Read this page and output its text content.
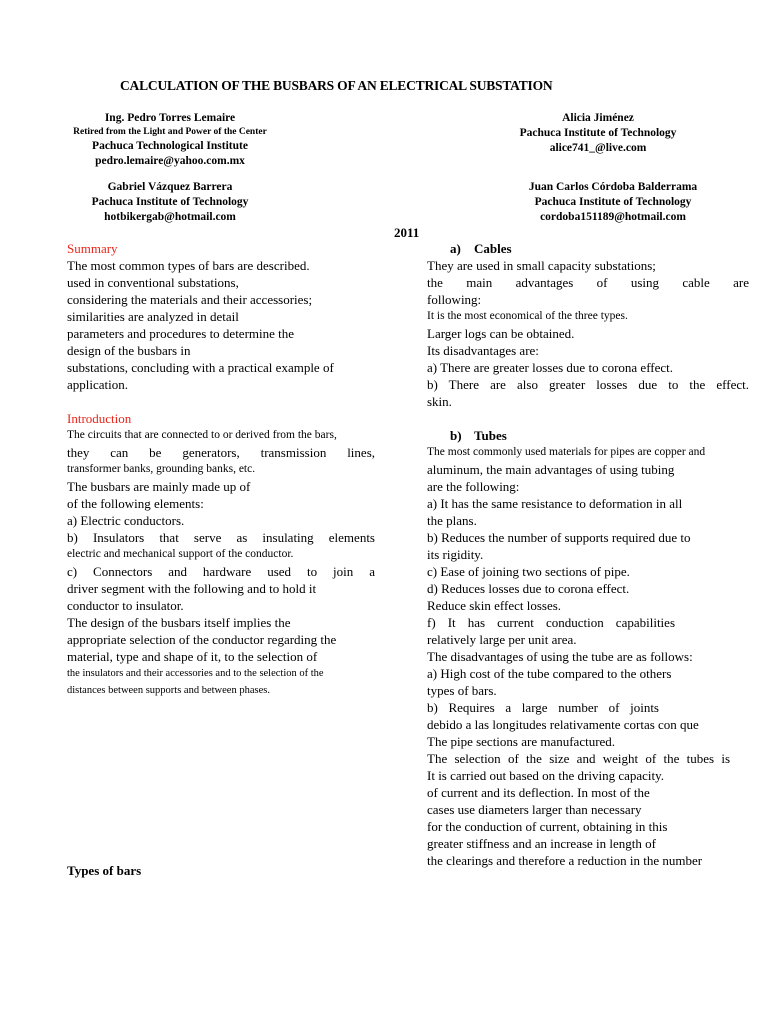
CALCULATION OF THE BUSBARS OF AN ELECTRICAL SUBSTATION
Ing. Pedro Torres Lemaire
Retired from the Light and Power of the Center
Pachuca Technological Institute
pedro.lemaire@yahoo.com.mx
Alicia Jiménez
Pachuca Institute of Technology
alice741_@live.com
Gabriel Vázquez Barrera
Pachuca Institute of Technology
hotbikergab@hotmail.com
Juan Carlos Córdoba Balderrama
Pachuca Institute of Technology
cordoba151189@hotmail.com
2011
Summary
The most common types of bars are described.
used in conventional substations,
considering the materials and their accessories;
similarities are analyzed in detail
parameters and procedures to determine the
design of the busbars in
substations, concluding with a practical example of
application.
Introduction
The circuits that are connected to or derived from the bars,
they can be generators, transmission lines,
transformer banks, grounding banks, etc.
The busbars are mainly made up of
of the following elements:
a) Electric conductors.
b) Insulators that serve as insulating elements
electric and mechanical support of the conductor.
c) Connectors and hardware used to join a
driver segment with the following and to hold it
conductor to insulator.
The design of the busbars itself implies the
appropriate selection of the conductor regarding the
material, type and shape of it, to the selection of
the insulators and their accessories and to the selection of the
distances between supports and between phases.
Types of bars
a) Cables
They are used in small capacity substations;
the main advantages of using cable are
following:
It is the most economical of the three types.
Larger logs can be obtained.
Its disadvantages are:
a) There are greater losses due to corona effect.
b) There are also greater losses due to the effect.
skin.
b) Tubes
The most commonly used materials for pipes are copper and
aluminum, the main advantages of using tubing
are the following:
a) It has the same resistance to deformation in all
the plans.
b) Reduces the number of supports required due to
its rigidity.
c) Ease of joining two sections of pipe.
d) Reduces losses due to corona effect.
Reduce skin effect losses.
f) It has current conduction capabilities
relatively large per unit area.
The disadvantages of using the tube are as follows:
a) High cost of the tube compared to the others
types of bars.
b) Requires a large number of joints
debido a las longitudes relativamente cortas con que
The pipe sections are manufactured.
The selection of the size and weight of the tubes is
It is carried out based on the driving capacity.
of current and its deflection. In most of the
cases use diameters larger than necessary
for the conduction of current, obtaining in this
greater stiffness and an increase in length of
the clearings and therefore a reduction in the number
